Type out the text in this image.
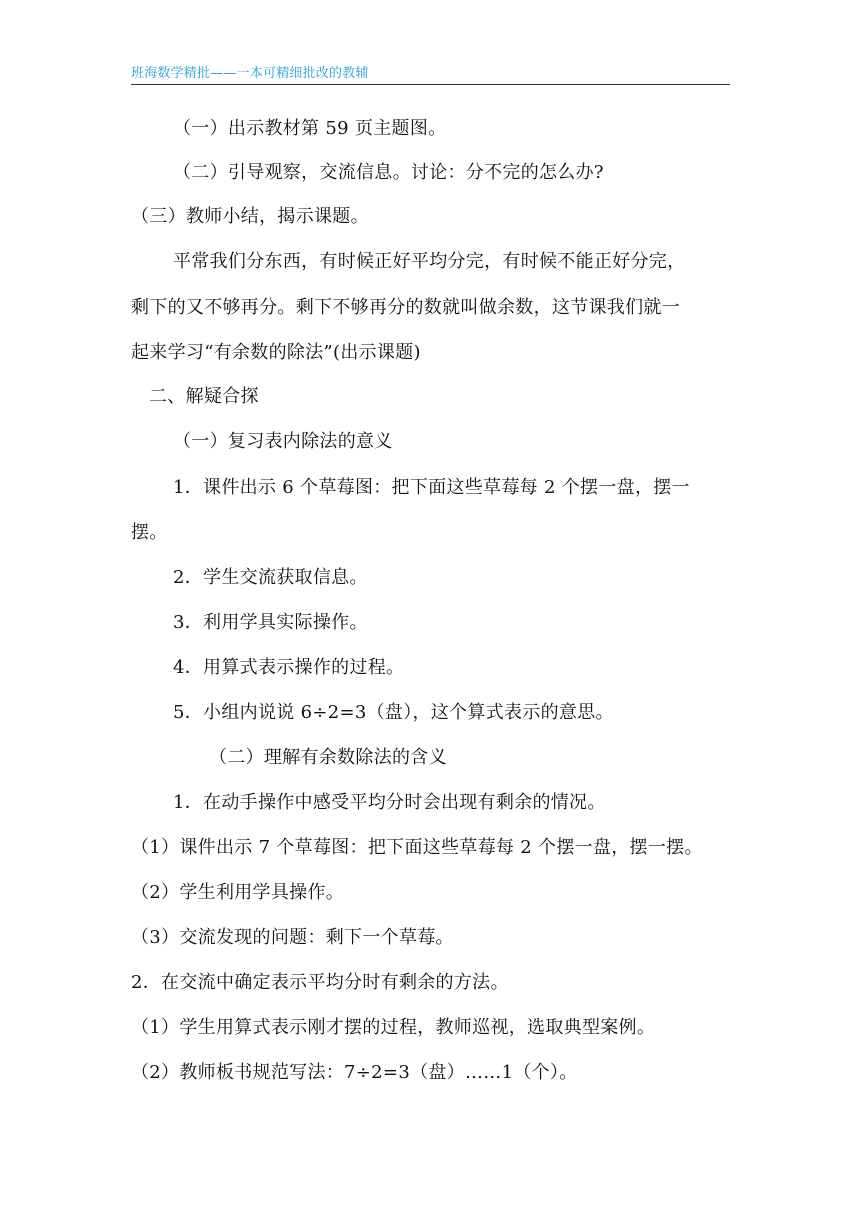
班海数学精批——一本可精细批改的教辅
（一）出示教材第 59 页主题图。
（二）引导观察，交流信息。讨论：分不完的怎么办?
（三）教师小结，揭示课题。
平常我们分东西，有时候正好平均分完，有时候不能正好分完，
剩下的又不够再分。剩下不够再分的数就叫做余数，这节课我们就一
起来学习“有余数的除法”(出示课题)
二、解疑合探
（一）复习表内除法的意义
1．课件出示 6 个草莓图：把下面这些草莓每 2 个摆一盘，摆一
摆。
2．学生交流获取信息。
3．利用学具实际操作。
4．用算式表示操作的过程。
5．小组内说说 6÷2=3（盘），这个算式表示的意思。
（二）理解有余数除法的含义
1．在动手操作中感受平均分时会出现有剩余的情况。
（1）课件出示 7 个草莓图：把下面这些草莓每 2 个摆一盘，摆一摆。
（2）学生利用学具操作。
（3）交流发现的问题：剩下一个草莓。
2．在交流中确定表示平均分时有剩余的方法。
（1）学生用算式表示刚才摆的过程，教师巡视，选取典型案例。
（2）教师板书规范写法：7÷2=3（盘）……1（个）。
